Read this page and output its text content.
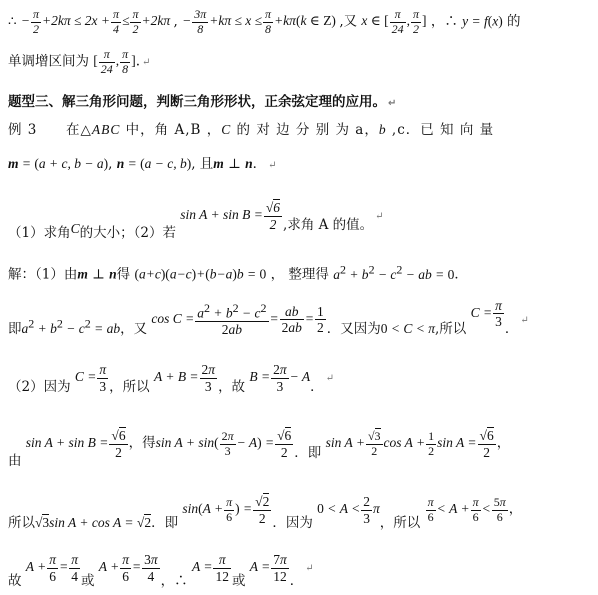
∴ − $\frac{\pi}{2} +2k\pi \le 2x + \frac{\pi}{4} \le \frac{\pi}{2} +2k\pi$ , − $\frac{3\pi}{8} +k\pi \le x \le \frac{\pi}{8} +k\pi(k$ ∈ Z) ,又 x ∈ [ $\frac{\pi}{24}$ , $\frac{\pi}{2}$ ] ，∴ y = f(x) 的
单调增区间为 [ $\frac{\pi}{24}$ , $\frac{\pi}{8}$ ]. ↵
题型三、解三角形问题，判断三角形形状，正余弦定理的应用。 ↵
例 3 在△ABC 中，角 A,B ，C 的 对 边 分 别 为 a，b ,c．已 知 向 量
m = (a + c, b − a), n = (a − c, b), 且m ⊥ n． ↵
（1）求角C的大小；（2）若 $\sin A + \sin B = \frac{√6}{2}$ ,求角 A 的值。↵
解：（1）由m ⊥ n得 (a+c)(a−c)+(b−a)b = 0 ， 整理得 $a^2 + b^2 - c^2$ − ab = 0．
即$a^2 + b^2 - c^2$ = ab，又 $\cos C = \frac{a^2 + b^2 - c^2}{2ab} = \frac{ab}{2ab} = \frac{1}{2}$ ．又因为0 < C < π,所以 $C = \frac{\pi}{3}$ ．↵
（2）因为 $C = \frac{\pi}{3}$ ，所以 $A + B = \frac{2\pi}{3}$ ，故 $B = \frac{2\pi}{3} - A$．↵
由 $\sin A + \sin B = \frac{√6}{2}$ ，得$\sin A + \sin( \frac{2\pi}{3} - A) = \frac{√6}{2}$ ．即 $\sin A + \frac{√3}{2}$ $\cos A + \frac{1}{2}$ $\sin A = \frac{√6}{2}$ ，
所以√3sin A + cos A = √2．即 $\sin(A + \frac{\pi}{6}$ ) = $\frac{√2}{2}$ ．因为 $0 < A < \frac{2}{3}$ π，所以 $\frac{\pi}{6} < A + \frac{\pi}{6} < \frac{5\pi}{6}$ ，
故 $A + \frac{\pi}{6} = \frac{\pi}{4}$ 或 $A + \frac{\pi}{6} = \frac{3\pi}{4}$ ，∴ $A = \frac{\pi}{12}$ 或 $A = \frac{7\pi}{12}$ ．↵
